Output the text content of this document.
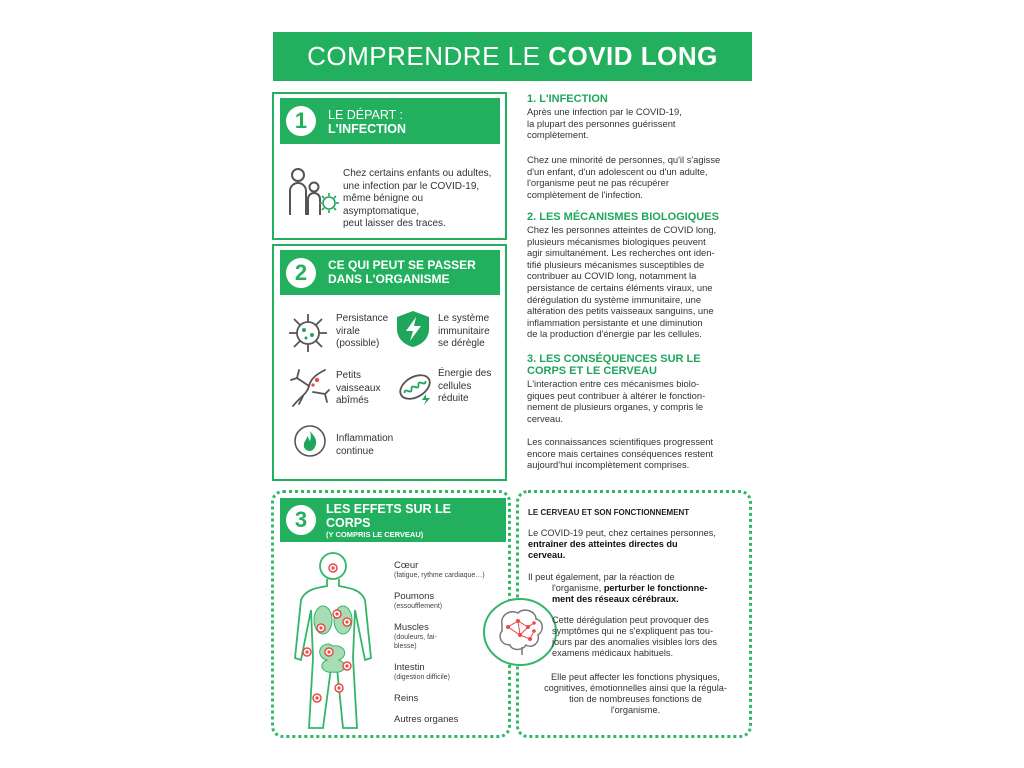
COMPRENDRE LE COVID LONG
1	LE DÉPART :
L'INFECTION
Chez certains enfants ou adultes,
une infection par le COVID-19,
même bénigne ou
asymptomatique,
peut laisser des traces.
2	CE QUI PEUT SE PASSER
DANS L'ORGANISME
Persistance
virale
(possible)
Le système
immunitaire
se dérègle
Petits
vaisseaux
abîmés
Énergie des
cellules
réduite
Inflammation
continue
3	LES EFFETS SUR LE
CORPS
(Y COMPRIS LE CERVEAU)
Cœur
(fatigue, rythme cardiaque…)
Poumons
(essoufflement)
Muscles
(douleurs, fai-
blesse)
Intestin
(digestion difficile)
Reins
Autres organes
1. L'INFECTION
Après une infection par le COVID-19,
la plupart des personnes guérissent
complètement.
Chez une minorité de personnes, qu'il s'agisse
d'un enfant, d'un adolescent ou d'un adulte,
l'organisme peut ne pas récupérer
complètement de l'infection.
2. LES MÉCANISMES BIOLOGIQUES
Chez les personnes atteintes de COVID long,
plusieurs mécanismes biologiques peuvent
agir simultanément. Les recherches ont iden-
tifié plusieurs mécanismes susceptibles de
contribuer au COVID long, notamment la
persistance de certains éléments viraux, une
dérégulation du système immunitaire, une
altération des petits vaisseaux sanguins, une
inflammation persistante et une diminution
de la production d'énergie par les cellules.
3. LES CONSÉQUENCES SUR LE
CORPS ET LE CERVEAU
L'interaction entre ces mécanismes biolo-
giques peut contribuer à altérer le fonction-
nement de plusieurs organes, y compris le
cerveau.
Les connaissances scientifiques progressent
encore mais certaines conséquences restent
aujourd'hui incomplètement comprises.
LE CERVEAU ET SON FONCTIONNEMENT
Le COVID-19 peut, chez certaines personnes,
entraîner des atteintes directes du
cerveau.
Il peut également, par la réaction de
l'organisme, perturber le fonctionne-
ment des réseaux cérébraux.
Cette dérégulation peut provoquer des
symptômes qui ne s'expliquent pas tou-
jours par des anomalies visibles lors des
examens médicaux habituels.
Elle peut affecter les fonctions physiques,
cognitives, émotionnelles ainsi que la régula-
tion de nombreuses fonctions de
l'organisme.
